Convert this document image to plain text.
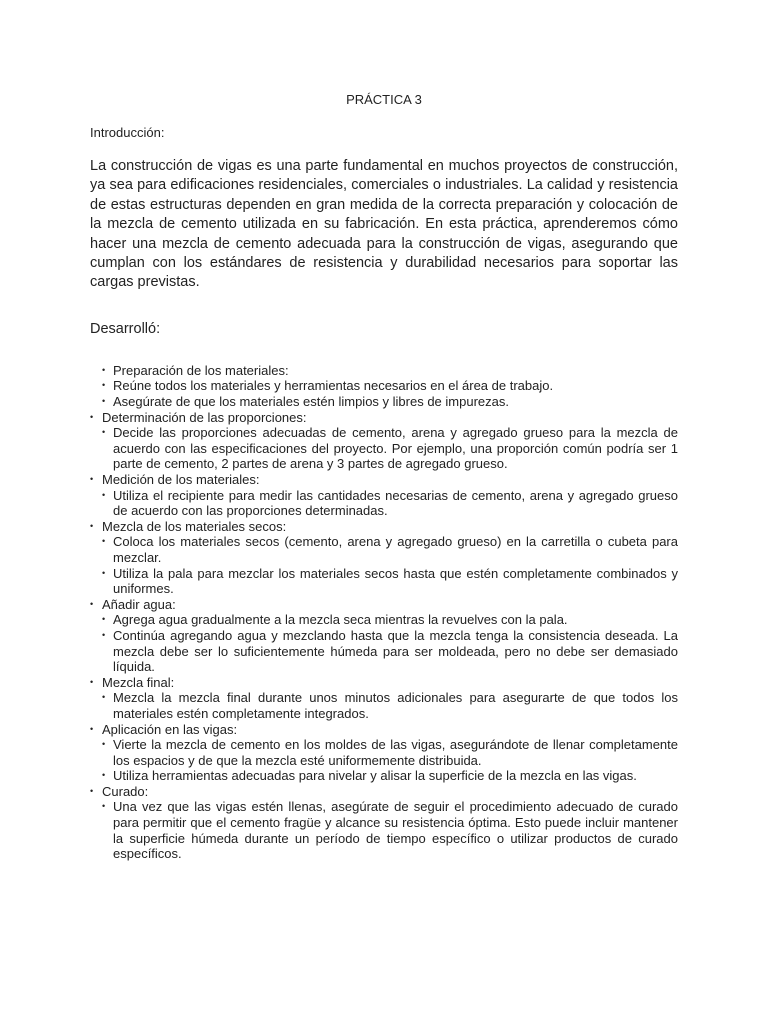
PRÁCTICA 3
Introducción:

La construcción de vigas es una parte fundamental en muchos proyectos de construcción, ya sea para edificaciones residenciales, comerciales o industriales. La calidad y resistencia de estas estructuras dependen en gran medida de la correcta preparación y colocación de la mezcla de cemento utilizada en su fabricación. En esta práctica, aprenderemos cómo hacer una mezcla de cemento adecuada para la construcción de vigas, asegurando que cumplan con los estándares de resistencia y durabilidad necesarios para soportar las cargas previstas.

Desarrolló:
• Preparación de los materiales:
• Reúne todos los materiales y herramientas necesarios en el área de trabajo.
• Asegúrate de que los materiales estén limpios y libres de impurezas.
• Determinación de las proporciones:
• Decide las proporciones adecuadas de cemento, arena y agregado grueso para la mezcla de acuerdo con las especificaciones del proyecto. Por ejemplo, una proporción común podría ser 1 parte de cemento, 2 partes de arena y 3 partes de agregado grueso.
• Medición de los materiales:
• Utiliza el recipiente para medir las cantidades necesarias de cemento, arena y agregado grueso de acuerdo con las proporciones determinadas.
• Mezcla de los materiales secos:
• Coloca los materiales secos (cemento, arena y agregado grueso) en la carretilla o cubeta para mezclar.
• Utiliza la pala para mezclar los materiales secos hasta que estén completamente combinados y uniformes.
• Añadir agua:
• Agrega agua gradualmente a la mezcla seca mientras la revuelves con la pala.
• Continúa agregando agua y mezclando hasta que la mezcla tenga la consistencia deseada. La mezcla debe ser lo suficientemente húmeda para ser moldeada, pero no debe ser demasiado líquida.
• Mezcla final:
• Mezcla la mezcla final durante unos minutos adicionales para asegurarte de que todos los materiales estén completamente integrados.
• Aplicación en las vigas:
• Vierte la mezcla de cemento en los moldes de las vigas, asegurándote de llenar completamente los espacios y de que la mezcla esté uniformemente distribuida.
• Utiliza herramientas adecuadas para nivelar y alisar la superficie de la mezcla en las vigas.
• Curado:
• Una vez que las vigas estén llenas, asegúrate de seguir el procedimiento adecuado de curado para permitir que el cemento fragüe y alcance su resistencia óptima. Esto puede incluir mantener la superficie húmeda durante un período de tiempo específico o utilizar productos de curado específicos.
